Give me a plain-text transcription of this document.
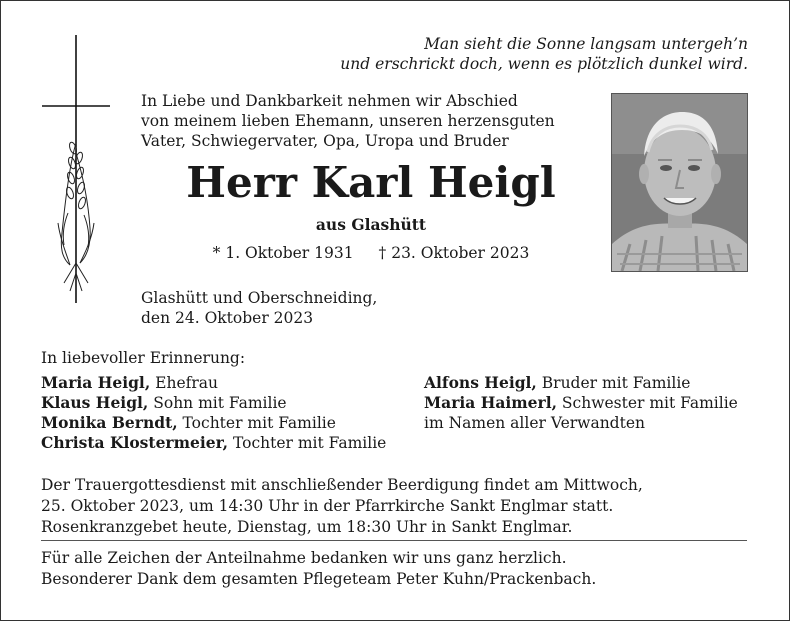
Man sieht die Sonne langsam untergeh’n
und erschrickt doch, wenn es plötzlich dunkel wird.
In Liebe und Dankbarkeit nehmen wir Abschied
von meinem lieben Ehemann, unseren herzensguten
Vater, Schwiegervater, Opa, Uropa und Bruder
Herr Karl Heigl
aus Glashütt
* 1. Oktober 1931 † 23. Oktober 2023
Glashütt und Oberschneiding,
den 24. Oktober 2023
In liebevoller Erinnerung:
Maria Heigl, Ehefrau
Klaus Heigl, Sohn mit Familie
Monika Berndt, Tochter mit Familie
Christa Klostermeier, Tochter mit Familie
Alfons Heigl, Bruder mit Familie
Maria Haimerl, Schwester mit Familie
im Namen aller Verwandten
Der Trauergottesdienst mit anschließender Beerdigung findet am Mittwoch,
25. Oktober 2023, um 14:30 Uhr in der Pfarrkirche Sankt Englmar statt.
Rosenkranzgebet heute, Dienstag, um 18:30 Uhr in Sankt Englmar.
Für alle Zeichen der Anteilnahme bedanken wir uns ganz herzlich.
Besonderer Dank dem gesamten Pflegeteam Peter Kuhn/Prackenbach.
